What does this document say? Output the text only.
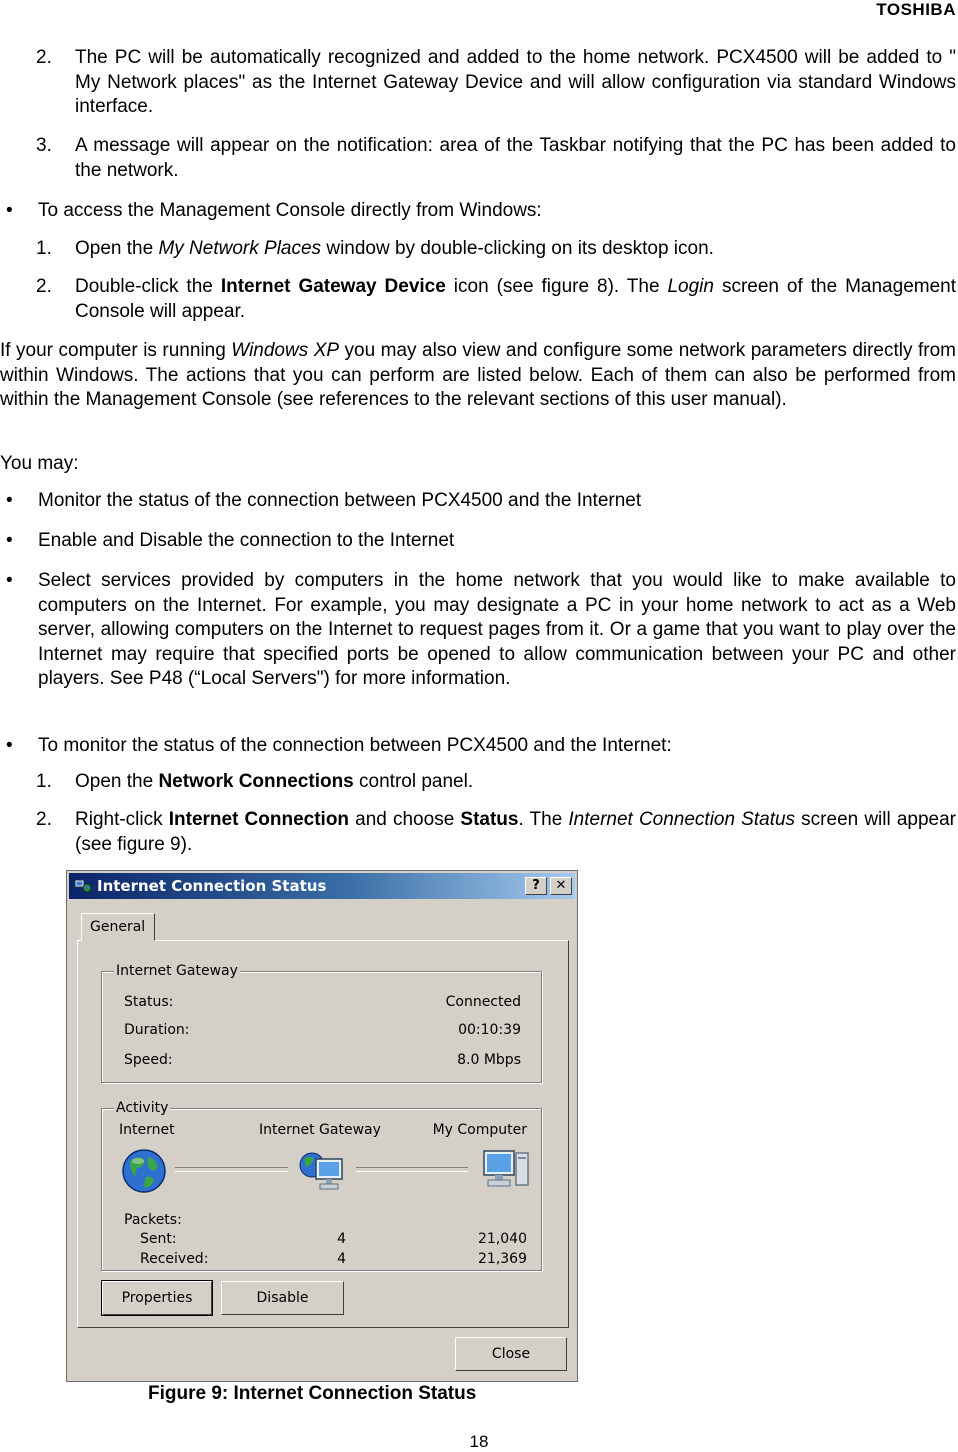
TOSHIBA
2. The PC will be automatically recognized and added to the home network. PCX4500 will be added to " My Network places" as the Internet Gateway Device and will allow configuration via standard Windows interface.
3. A message will appear on the notification: area of the Taskbar notifying that the PC has been added to the network.
• To access the Management Console directly from Windows:
1. Open the My Network Places window by double-clicking on its desktop icon.
2. Double-click the Internet Gateway Device icon (see figure 8). The Login screen of the Management Console will appear.
If your computer is running Windows XP you may also view and configure some network parameters directly from within Windows. The actions that you can perform are listed below. Each of them can also be performed from within the Management Console (see references to the relevant sections of this user manual).
You may:
• Monitor the status of the connection between PCX4500 and the Internet
• Enable and Disable the connection to the Internet
• Select services provided by computers in the home network that you would like to make available to computers on the Internet. For example, you may designate a PC in your home network to act as a Web server, allowing computers on the Internet to request pages from it. Or a game that you want to play over the Internet may require that specified ports be opened to allow communication between your PC and other players. See P48 (“Local Servers") for more information.
• To monitor the status of the connection between PCX4500 and the Internet:
1. Open the Network Connections control panel.
2. Right-click Internet Connection and choose Status. The Internet Connection Status screen will appear (see figure 9).
Internet Connection Status	?	✕
General
Internet Gateway
Status:	Connected
Duration:	00:10:39
Speed:	8.0 Mbps
Activity
Internet	Internet Gateway	My Computer
Packets:
Sent:	4	21,040
Received:	4	21,369
Properties	Disable
Close
Figure 9: Internet Connection Status
18
